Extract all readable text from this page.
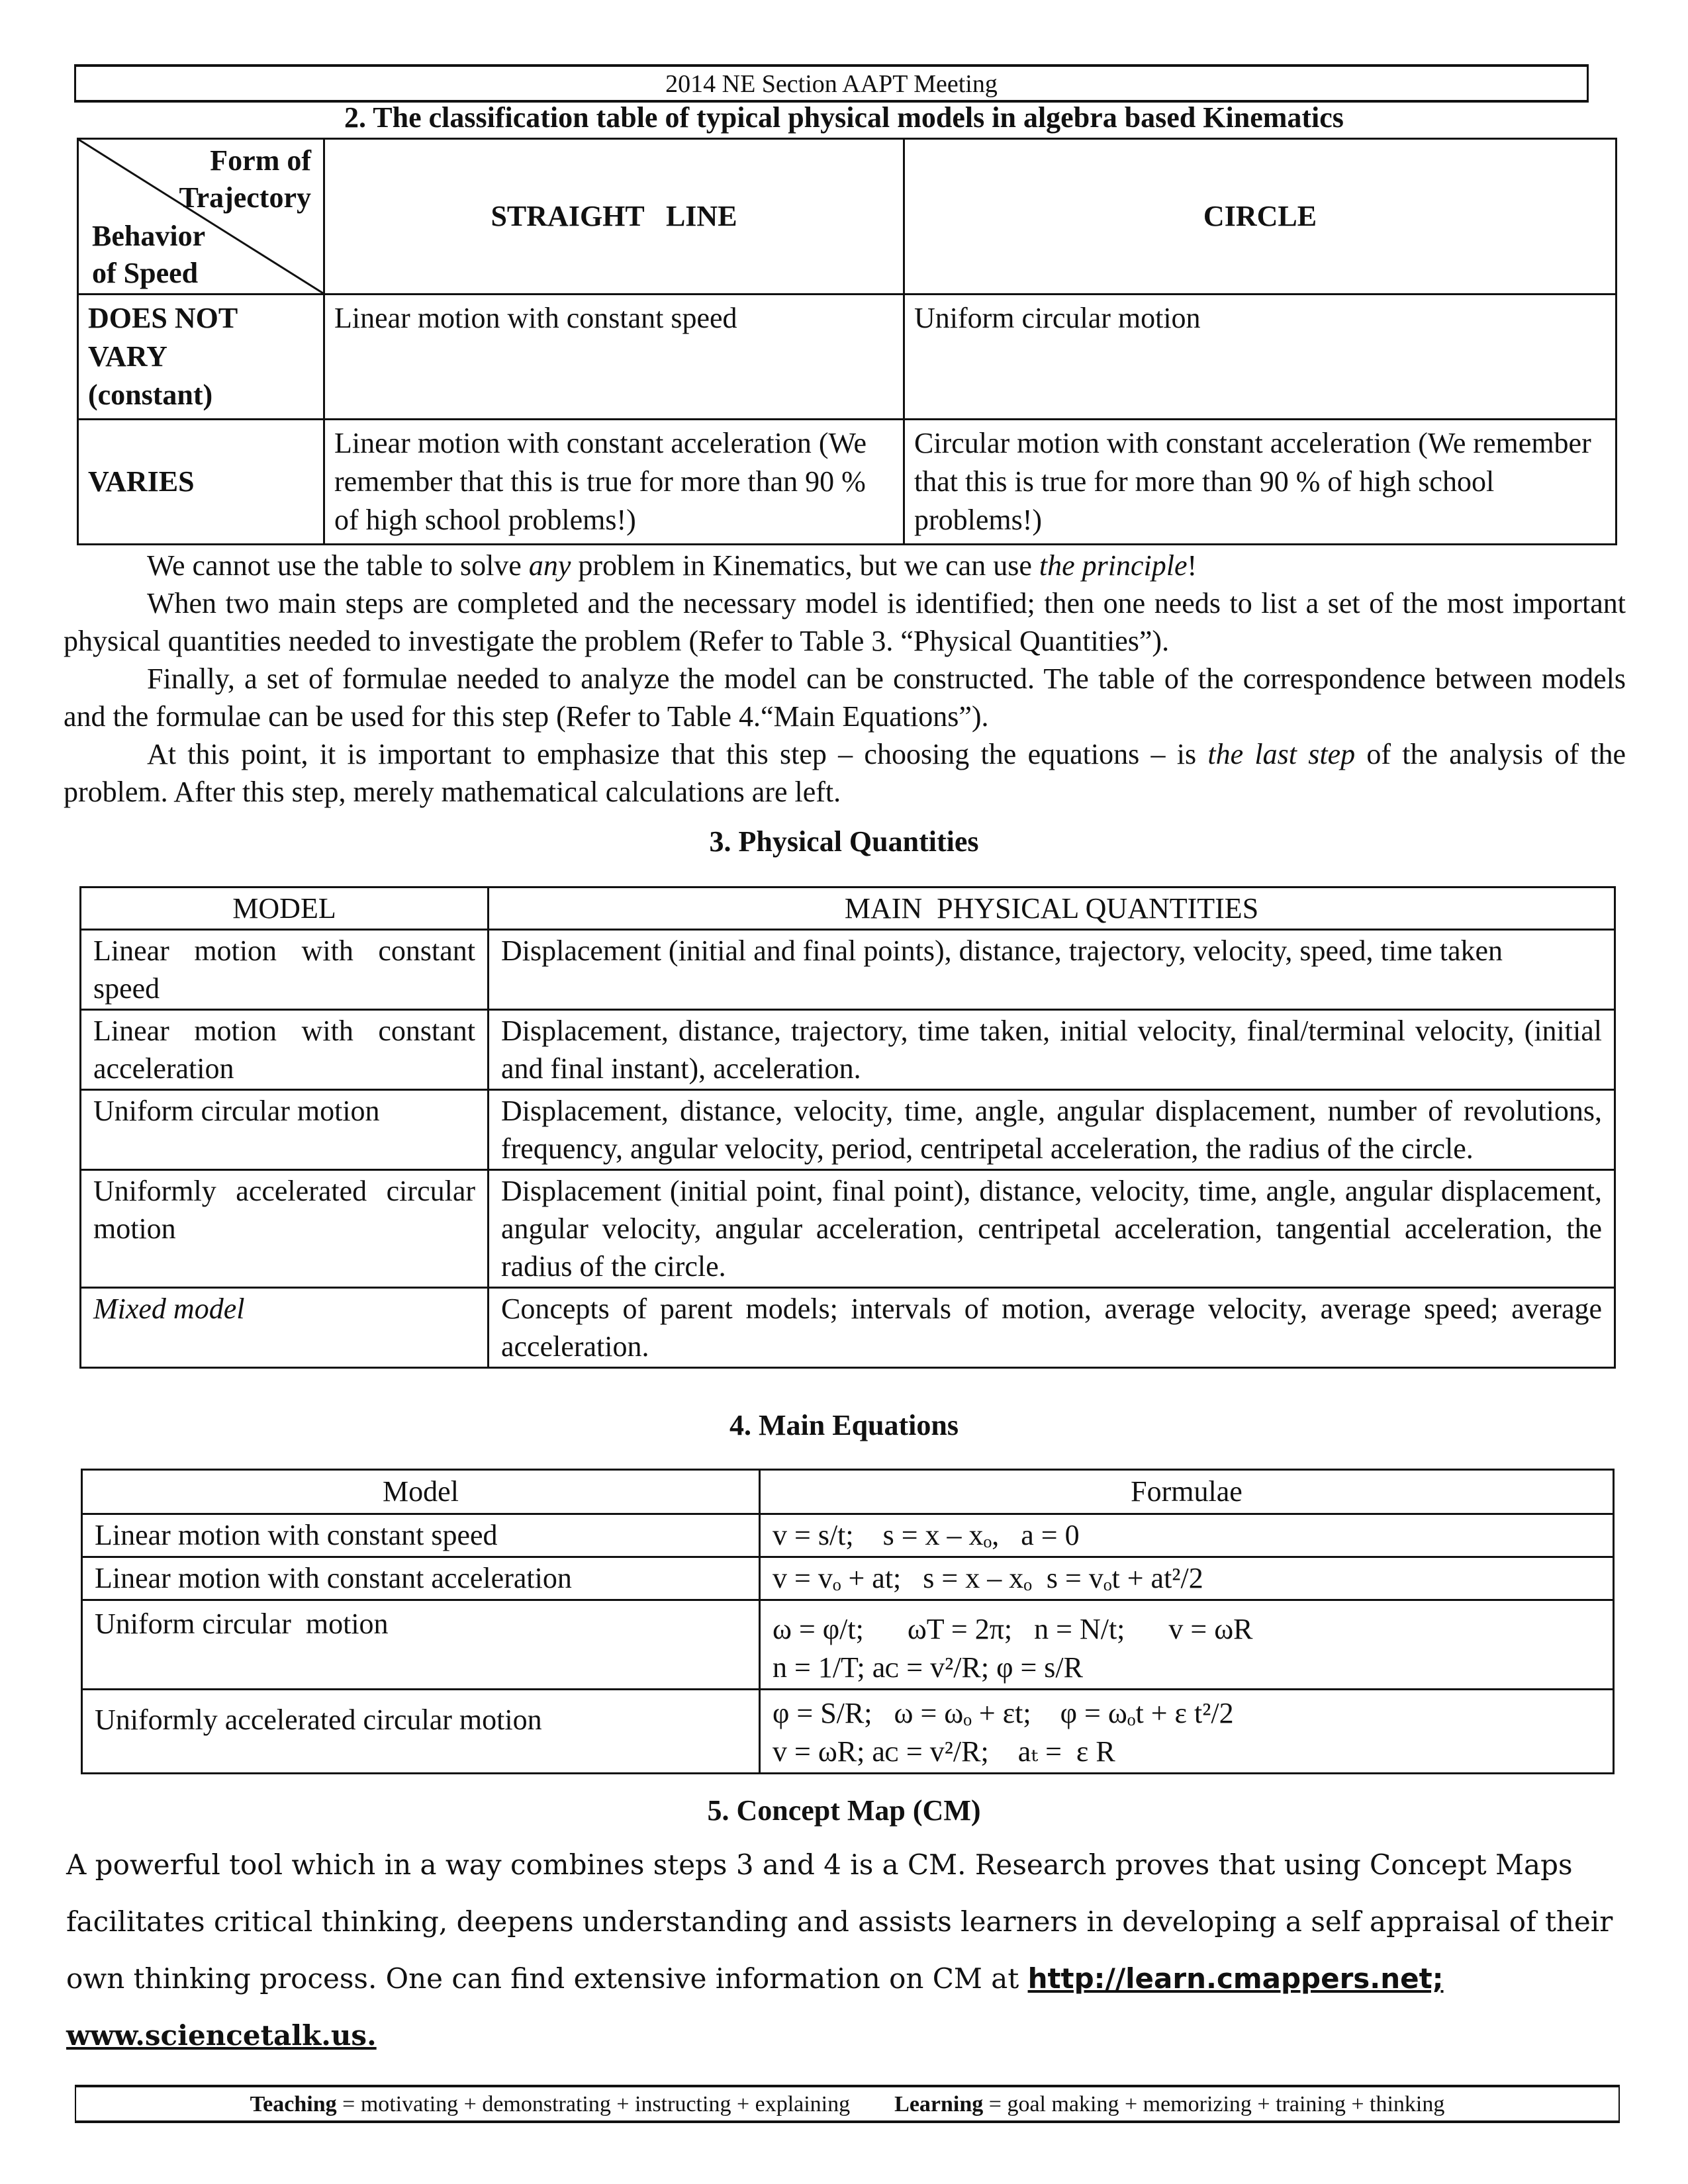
2014 NE Section AAPT Meeting
2. The classification table of typical physical models in algebra based Kinematics
Form of
Trajectory
Behavior
of Speed	STRAIGHT   LINE	CIRCLE

DOES NOT
VARY
(constant)	Linear motion with constant speed	Uniform circular motion
VARIES	Linear motion with constant acceleration (We remember that this is true for more than 90 % of high school problems!)	Circular motion with constant acceleration (We remember that this is true for more than 90 % of high school problems!)

We cannot use the table to solve any problem in Kinematics, but we can use the principle!

When two main steps are completed and the necessary model is identified; then one needs to list a set of the most important physical quantities needed to investigate the problem (Refer to Table 3. “Physical Quantities”).

Finally, a set of formulae needed to analyze the model can be constructed. The table of the correspondence between models and the formulae can be used for this step (Refer to Table 4.“Main Equations”).

At this point, it is important to emphasize that this step – choosing the equations – is the last step of the analysis of the problem. After this step, merely mathematical calculations are left.

3. Physical Quantities
MODEL	MAIN  PHYSICAL QUANTITIES
Linear motion with constant speed	Displacement (initial and final points), distance, trajectory, velocity, speed, time taken
Linear motion with constant acceleration	Displacement, distance, trajectory, time taken, initial velocity, final/terminal velocity, (initial and final instant), acceleration.
Uniform circular motion	Displacement, distance, velocity, time, angle, angular displacement, number of revolutions, frequency, angular velocity, period, centripetal acceleration, the radius of the circle.
Uniformly accelerated circular motion	Displacement (initial point, final point), distance, velocity, time, angle, angular displacement, angular velocity, angular acceleration, centripetal acceleration, tangential acceleration, the radius of the circle.
Mixed model	Concepts of parent models; intervals of motion, average velocity, average speed; average acceleration.
4. Main Equations
Model	Formulae
Linear motion with constant speed	v = s/t;    s = x – xₒ,   a = 0

Linear motion with constant acceleration	v = vₒ + at;   s = x – xₒ  s = vₒt + at²/2

Uniform circular  motion	ω = φ/t;      ωT = 2π;   n = N/t;      v = ωR
n = 1/T; aᴄ = v²/R; φ = s/R

Uniformly accelerated circular motion	φ = S/R;   ω = ωₒ + εt;    φ = ωₒt + ε t²/2
v = ωR; aᴄ = v²/R;    aₜ =  ε R
5. Concept Map (CM)
A powerful tool which in a way combines steps 3 and 4 is a CM. Research proves that using Concept Maps facilitates critical thinking, deepens understanding and assists learners in developing a self appraisal of their own thinking process. One can find extensive information on CM at http://learn.cmappers.net;
www.sciencetalk.us.
Teaching = motivating + demonstrating + instructing + explaining Learning = goal making + memorizing + training + thinking
